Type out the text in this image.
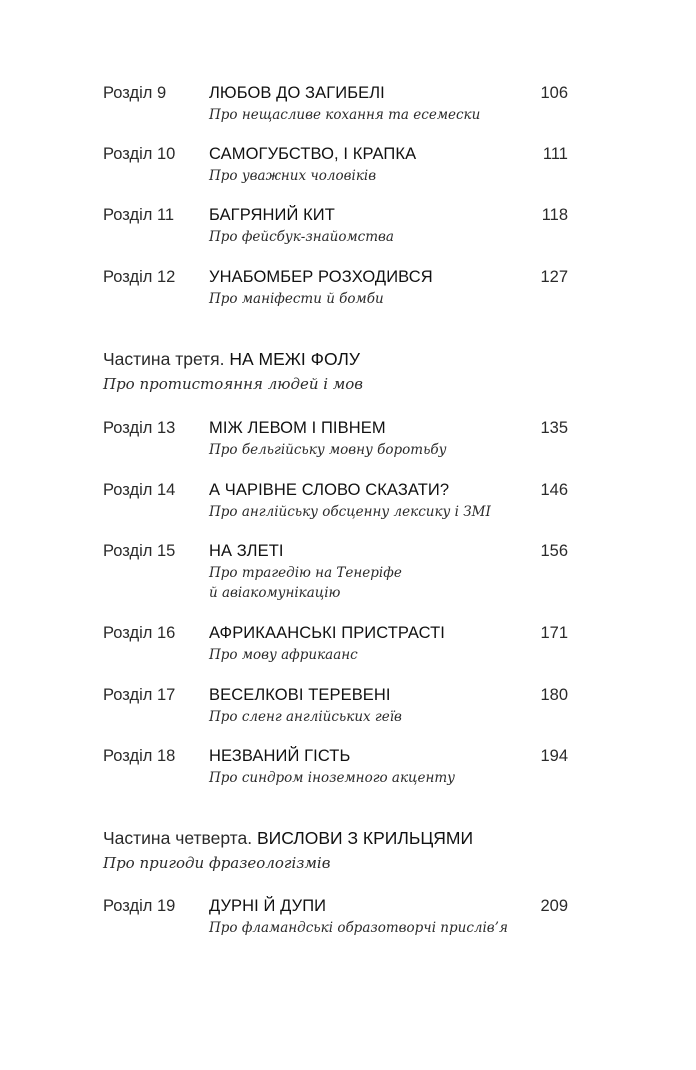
Розділ 9	ЛЮБОВ ДО ЗАГИБЕЛІ	106
Про нещасливе кохання та есемески
Розділ 10 САМОГУБСТВО, І КРАПКА	111
Про уважних чоловіків
Розділ 11 БАГРЯНИЙ КИТ	118
Про фейсбук-знайомства
Розділ 12 УНАБОМБЕР РОЗХОДИВСЯ	127
Про маніфести й бомби
Частина третя. НА МЕЖІ ФОЛУ
Про протистояння людей і мов
Розділ 13 МІЖ ЛЕВОМ І ПІВНЕМ	135
Про бельгійську мовну боротьбу
Розділ 14 А ЧАРІВНЕ СЛОВО СКАЗАТИ?	146
Про англійську обсценну лексику і ЗМІ
Розділ 15 НА ЗЛЕТІ	156
Про трагедію на Тенеріфе
й авіакомунікацію
Розділ 16 АФРИКААНСЬКІ ПРИСТРАСТІ	171
Про мову африкаанс
Розділ 17 ВЕСЕЛКОВІ ТЕРЕВЕНІ	180
Про сленг англійських геїв
Розділ 18 НЕЗВАНИЙ ГІСТЬ	194
Про синдром іноземного акценту
Частина четверта. ВИСЛОВИ З КРИЛЬЦЯМИ
Про пригоди фразеологізмів
Розділ 19 ДУРНІ Й ДУПИ	209
Про фламандські образотворчі прислів’я
